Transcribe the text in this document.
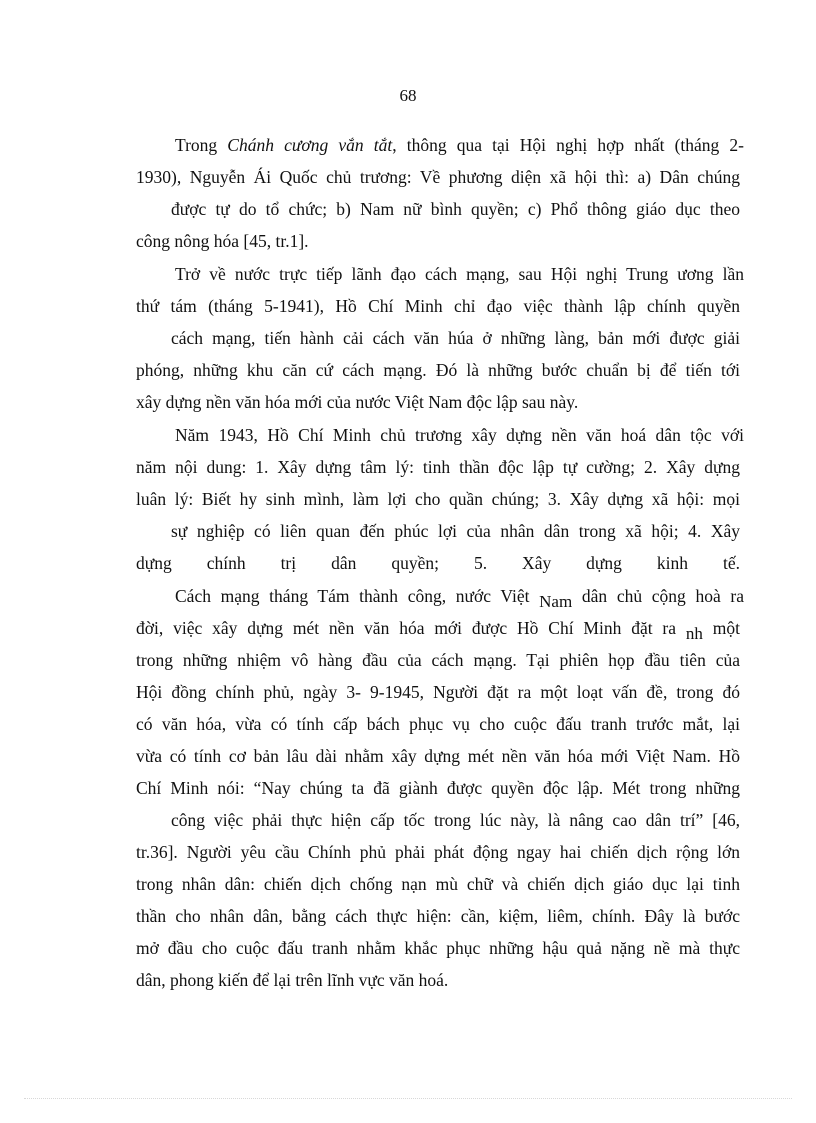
68
Trong Chánh cương vắn tắt, thông qua tại Hội nghị hợp nhất (tháng 2-
1930), Nguyễn Ái Quốc chủ trương: Về phương diện xã hội thì: a) Dân chúng
được tự do tổ chức; b) Nam nữ bình quyền; c) Phổ thông giáo dục theo
công nông hóa [45, tr.1].
Trở về nước trực tiếp lãnh đạo cách mạng, sau Hội nghị Trung ương lần
thứ tám (tháng 5-1941), Hồ Chí Minh chỉ đạo việc thành lập chính quyền
cách mạng, tiến hành cải cách văn húa ở những làng, bản mới được giải
phóng, những khu căn cứ cách mạng. Đó là những bước chuẩn bị để tiến tới
xây dựng nền văn hóa mới của nước Việt Nam độc lập sau này.
Năm 1943, Hồ Chí Minh chủ trương xây dựng nền văn hoá dân tộc với
năm nội dung: 1. Xây dựng tâm lý: tinh thần độc lập tự cường; 2. Xây dựng
luân lý: Biết hy sinh mình, làm lợi cho quần chúng; 3. Xây dựng xã hội: mọi
sự nghiệp có liên quan đến phúc lợi của nhân dân trong xã hội; 4. Xây
dựng chính trị dân quyền; 5. Xây dựng kinh tế.
Cách mạng tháng Tám thành công, nước Việt Nam dân chủ cộng hoà ra
đời, việc xây dựng mét nền văn hóa mới được Hồ Chí Minh đặt ra nh một
trong những nhiệm vô hàng đầu của cách mạng. Tại phiên họp đầu tiên của
Hội đồng chính phủ, ngày 3- 9-1945, Người đặt ra một loạt vấn đề, trong đó
có văn hóa, vừa có tính cấp bách phục vụ cho cuộc đấu tranh trước mắt, lại
vừa có tính cơ bản lâu dài nhằm xây dựng mét nền văn hóa mới Việt Nam. Hồ
Chí Minh nói: “Nay chúng ta đã giành được quyền độc lập. Mét trong những
công việc phải thực hiện cấp tốc trong lúc này, là nâng cao dân trí” [46,
tr.36]. Người yêu cầu Chính phủ phải phát động ngay hai chiến dịch rộng lớn
trong nhân dân: chiến dịch chống nạn mù chữ và chiến dịch giáo dục lại tinh
thần cho nhân dân, bằng cách thực hiện: cần, kiệm, liêm, chính. Đây là bước
mở đầu cho cuộc đấu tranh nhằm khắc phục những hậu quả nặng nề mà thực
dân, phong kiến để lại trên lĩnh vực văn hoá.
